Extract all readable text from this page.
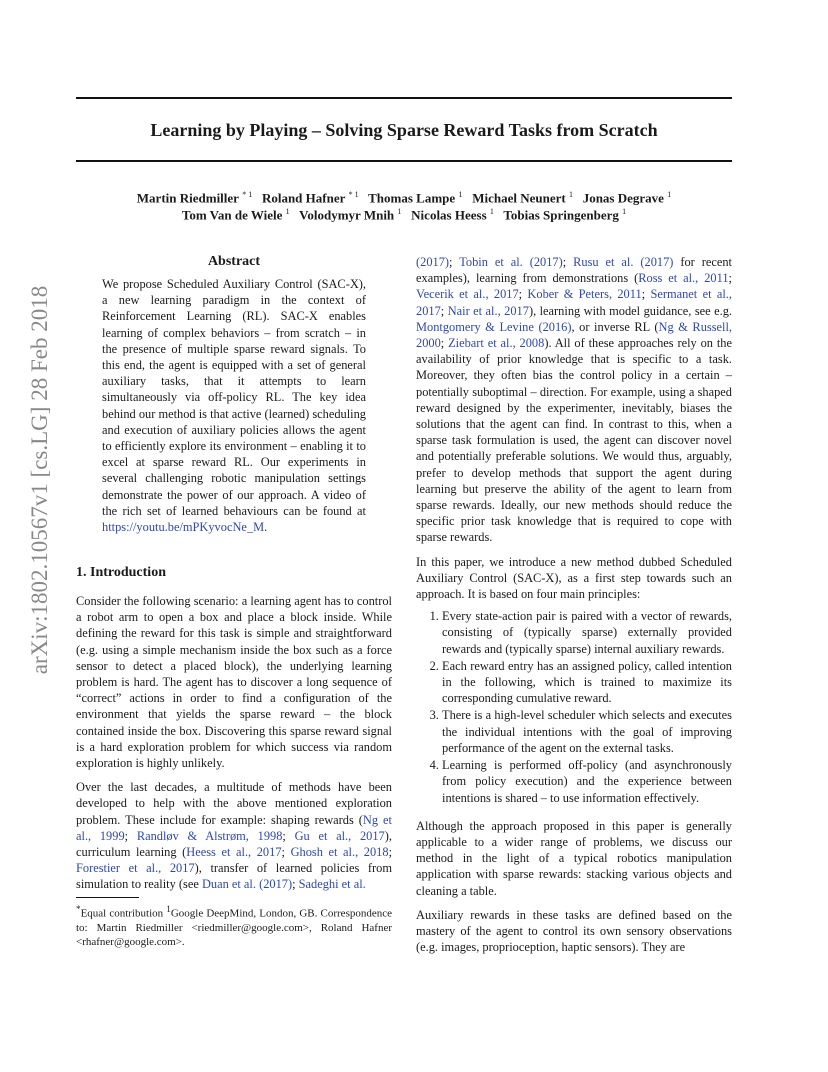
arXiv:1802.10567v1 [cs.LG] 28 Feb 2018
Learning by Playing – Solving Sparse Reward Tasks from Scratch
Martin Riedmiller $^{* 1}$ Roland Hafner $^{* 1}$ Thomas Lampe $^1$ Michael Neunert $^1$ Jonas Degrave $^1$
Tom Van de Wiele $^1$ Volodymyr Mnih $^1$ Nicolas Heess $^1$ Tobias Springenberg $^1$
Abstract

We propose Scheduled Auxiliary Control (SAC-X), a new learning paradigm in the context of Reinforcement Learning (RL). SAC-X enables learning of complex behaviors – from scratch – in the presence of multiple sparse reward signals. To this end, the agent is equipped with a set of general auxiliary tasks, that it attempts to learn simultaneously via off-policy RL. The key idea behind our method is that active (learned) scheduling and execution of auxiliary policies allows the agent to efficiently explore its environment – enabling it to excel at sparse reward RL. Our experiments in several challenging robotic manipulation settings demonstrate the power of our approach. A video of the rich set of learned behaviours can be found at https://youtu.be/mPKyvocNe_M.

1. Introduction

Consider the following scenario: a learning agent has to control a robot arm to open a box and place a block inside. While defining the reward for this task is simple and straightforward (e.g. using a simple mechanism inside the box such as a force sensor to detect a placed block), the underlying learning problem is hard. The agent has to discover a long sequence of “correct” actions in order to find a configuration of the environment that yields the sparse reward – the block contained inside the box. Discovering this sparse reward signal is a hard exploration problem for which success via random exploration is highly unlikely.

Over the last decades, a multitude of methods have been developed to help with the above mentioned exploration problem. These include for example: shaping rewards (Ng et al., 1999; Randløv & Alstrøm, 1998; Gu et al., 2017), curriculum learning (Heess et al., 2017; Ghosh et al., 2018; Forestier et al., 2017), transfer of learned policies from simulation to reality (see Duan et al. (2017); Sadeghi et al.

*Equal contribution $^1$Google DeepMind, London, GB. Correspondence to: Martin Riedmiller <riedmiller@google.com>, Roland Hafner <rhafner@google.com>.

(2017); Tobin et al. (2017); Rusu et al. (2017) for recent examples), learning from demonstrations (Ross et al., 2011; Vecerik et al., 2017; Kober & Peters, 2011; Sermanet et al., 2017; Nair et al., 2017), learning with model guidance, see e.g. Montgomery & Levine (2016), or inverse RL (Ng & Russell, 2000; Ziebart et al., 2008). All of these approaches rely on the availability of prior knowledge that is specific to a task. Moreover, they often bias the control policy in a certain – potentially suboptimal – direction. For example, using a shaped reward designed by the experimenter, inevitably, biases the solutions that the agent can find. In contrast to this, when a sparse task formulation is used, the agent can discover novel and potentially preferable solutions. We would thus, arguably, prefer to develop methods that support the agent during learning but preserve the ability of the agent to learn from sparse rewards. Ideally, our new methods should reduce the specific prior task knowledge that is required to cope with sparse rewards.

In this paper, we introduce a new method dubbed Scheduled Auxiliary Control (SAC-X), as a first step towards such an approach. It is based on four main principles:

1. Every state-action pair is paired with a vector of rewards, consisting of (typically sparse) externally provided rewards and (typically sparse) internal auxiliary rewards.
2. Each reward entry has an assigned policy, called intention in the following, which is trained to maximize its corresponding cumulative reward.
3. There is a high-level scheduler which selects and executes the individual intentions with the goal of improving performance of the agent on the external tasks.
4. Learning is performed off-policy (and asynchronously from policy execution) and the experience between intentions is shared – to use information effectively.

Although the approach proposed in this paper is generally applicable to a wider range of problems, we discuss our method in the light of a typical robotics manipulation application with sparse rewards: stacking various objects and cleaning a table.

Auxiliary rewards in these tasks are defined based on the mastery of the agent to control its own sensory observations (e.g. images, proprioception, haptic sensors). They are
